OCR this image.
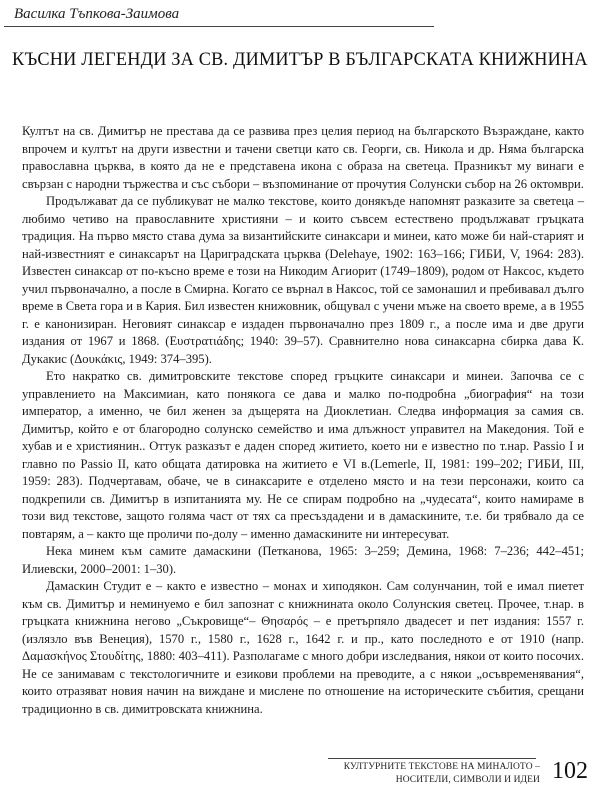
Василка Тъпкова-Заимова
КЪСНИ ЛЕГЕНДИ ЗА СВ. ДИМИТЪР В БЪЛГАРСКАТА КНИЖНИНА

Култът на св. Димитър не престава да се развива през целия период на българското Възраждане, както впрочем и култът на други известни и тачени светци като св. Георги, св. Никола и др. Няма българска православна църква, в която да не е представена икона с образа на светеца. Празникът му винаги е свързан с народни тържества и със събори – възпоминание от прочутия Солунски събор на 26 октомври.

Продължават да се публикуват не малко текстове, които донякъде напомнят разказите за светеца – любимо четиво на православните християни – и които съвсем естествено продължават гръцката традиция. На първо място става дума за византийските синаксари и минеи, като може би най-старият и най-известният е синаксарът на Цариградската църква (Delehaye, 1902: 163–166; ГИБИ, V, 1964: 283). Известен синаксар от по-късно време е този на Никодим Агиорит (1749–1809), родом от Наксос, където учил първоначално, а после в Смирна. Когато се върнал в Наксос, той се замонашил и пребивавал дълго време в Света гора и в Кария. Бил известен книжовник, общувал с учени мъже на своето време, а в 1955 г. е канонизиран. Неговият синаксар е издаден първоначално през 1809 г., а после има и две други издания от 1967 и 1868. (Ευστρατιάδης; 1940: 39–57). Сравнително нова синаксарна сбирка дава К. Дукакис (Δουκάκις, 1949: 374–395).

Ето накратко св. димитровските текстове според гръцките синаксари и минеи. Започва се с управлението на Максимиан, като понякога се дава и малко по-подробна „биография“ на този император, а именно, че бил женен за дъщерята на Диоклетиан. Следва информация за самия св. Димитър, който е от благородно солунско семейство и има длъжност управител на Македония. Той е хубав и е християнин.. Оттук разказът е даден според житието, което ни е известно по т.нар. Passio I и главно по Passio II, като общата датировка на житието е VI в.(Lemerle, II, 1981: 199–202; ГИБИ, III, 1959: 283). Подчертавам, обаче, че в синаксарите е отделено място и на тези персонажи, които са подкрепили св. Димитър в изпитанията му. Не се спирам подробно на „чудесата“, които намираме в този вид текстове, защото голяма част от тях са пресъздадени и в дамаскините, т.е. би трябвало да се повтарям, а – както ще проличи по-долу – именно дамаскините ни интересуват.

Нека минем към самите дамаскини (Петканова, 1965: 3–259; Демина, 1968: 7–236; 442–451; Илиевски, 2000–2001: 1–30).

Дамаскин Студит е – както е известно – монах и хиподякон. Сам солунчанин, той е имал пиетет към св. Димитър и неминуемо е бил запознат с книжнината около Солунския светец. Прочее, т.нар. в гръцката книжнина негово „Съкровище“– Θησαρός – е претърпяло двадесет и пет издания: 1557 г. (излязло във Венеция), 1570 г., 1580 г., 1628 г., 1642 г. и пр., като последното е от 1910 (напр. Δαμασκήνος Στουδίτης, 1880: 403–411). Разполагаме с много добри изследвания, някои от които посочих. Не се занимавам с текстологичните и езикови проблеми на преводите, а с някои „осъвременявания“, които отразяват новия начин на виждане и мислене по отношение на историческите събития, срещани традиционно в св. димитровската книжнина.

КУЛТУРНИТЕ ТЕКСТОВЕ НА МИНАЛОТО –
НОСИТЕЛИ, СИМВОЛИ И ИДЕИ 102
